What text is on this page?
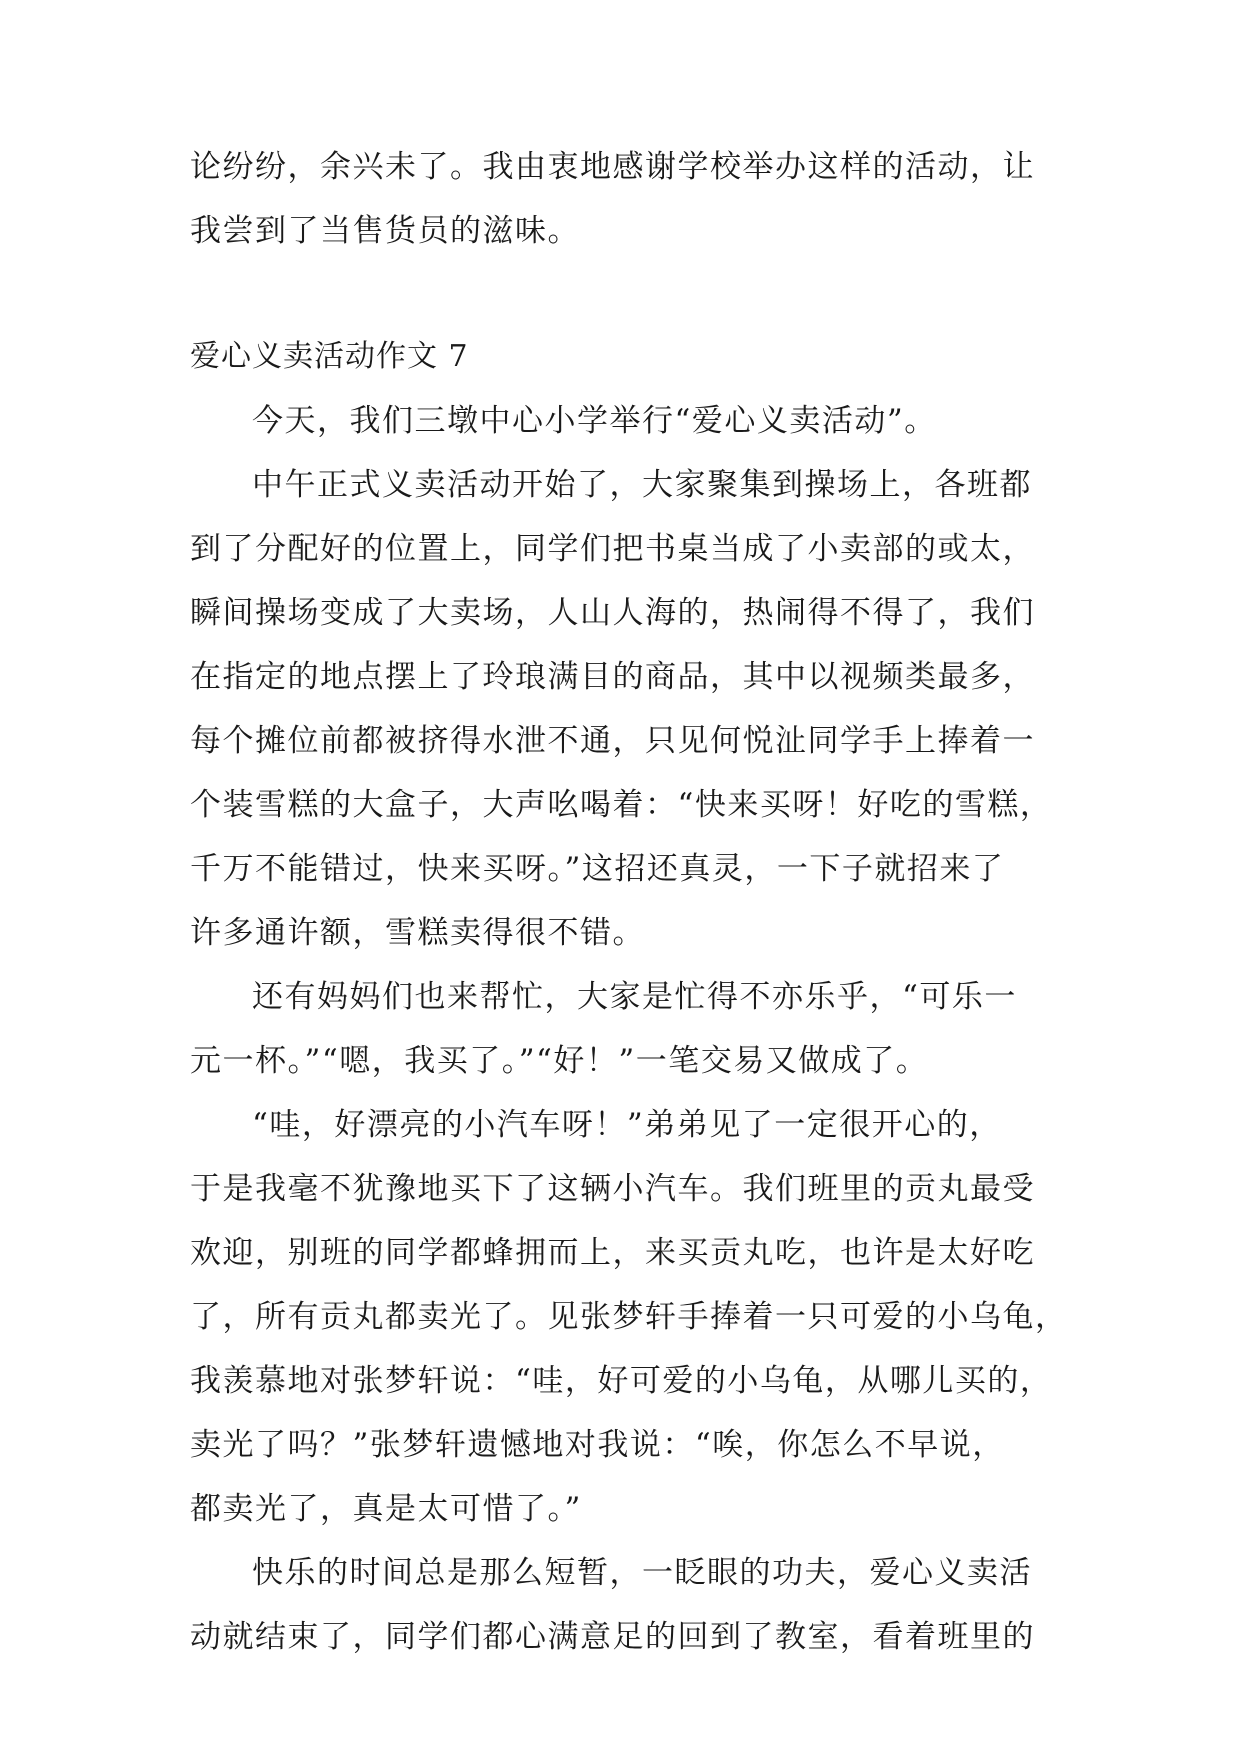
论纷纷，余兴未了。我由衷地感谢学校举办这样的活动，让
我尝到了当售货员的滋味。
爱心义卖活动作文 7
今天，我们三墩中心小学举行“爱心义卖活动”。
中午正式义卖活动开始了，大家聚集到操场上，各班都
到了分配好的位置上，同学们把书桌当成了小卖部的或太，
瞬间操场变成了大卖场，人山人海的，热闹得不得了，我们
在指定的地点摆上了玲琅满目的商品，其中以视频类最多，
每个摊位前都被挤得水泄不通，只见何悦沚同学手上捧着一
个装雪糕的大盒子，大声吆喝着：“快来买呀！好吃的雪糕，
千万不能错过，快来买呀。”这招还真灵，一下子就招来了
许多通许额，雪糕卖得很不错。
还有妈妈们也来帮忙，大家是忙得不亦乐乎，“可乐一
元一杯。”“嗯，我买了。”“好！”一笔交易又做成了。
“哇，好漂亮的小汽车呀！”弟弟见了一定很开心的，
于是我毫不犹豫地买下了这辆小汽车。我们班里的贡丸最受
欢迎，别班的同学都蜂拥而上，来买贡丸吃，也许是太好吃
了，所有贡丸都卖光了。见张梦轩手捧着一只可爱的小乌龟，
我羡慕地对张梦轩说：“哇，好可爱的小乌龟，从哪儿买的，
卖光了吗？”张梦轩遗憾地对我说：“唉，你怎么不早说，
都卖光了，真是太可惜了。”
快乐的时间总是那么短暂，一眨眼的功夫，爱心义卖活
动就结束了，同学们都心满意足的回到了教室，看着班里的
